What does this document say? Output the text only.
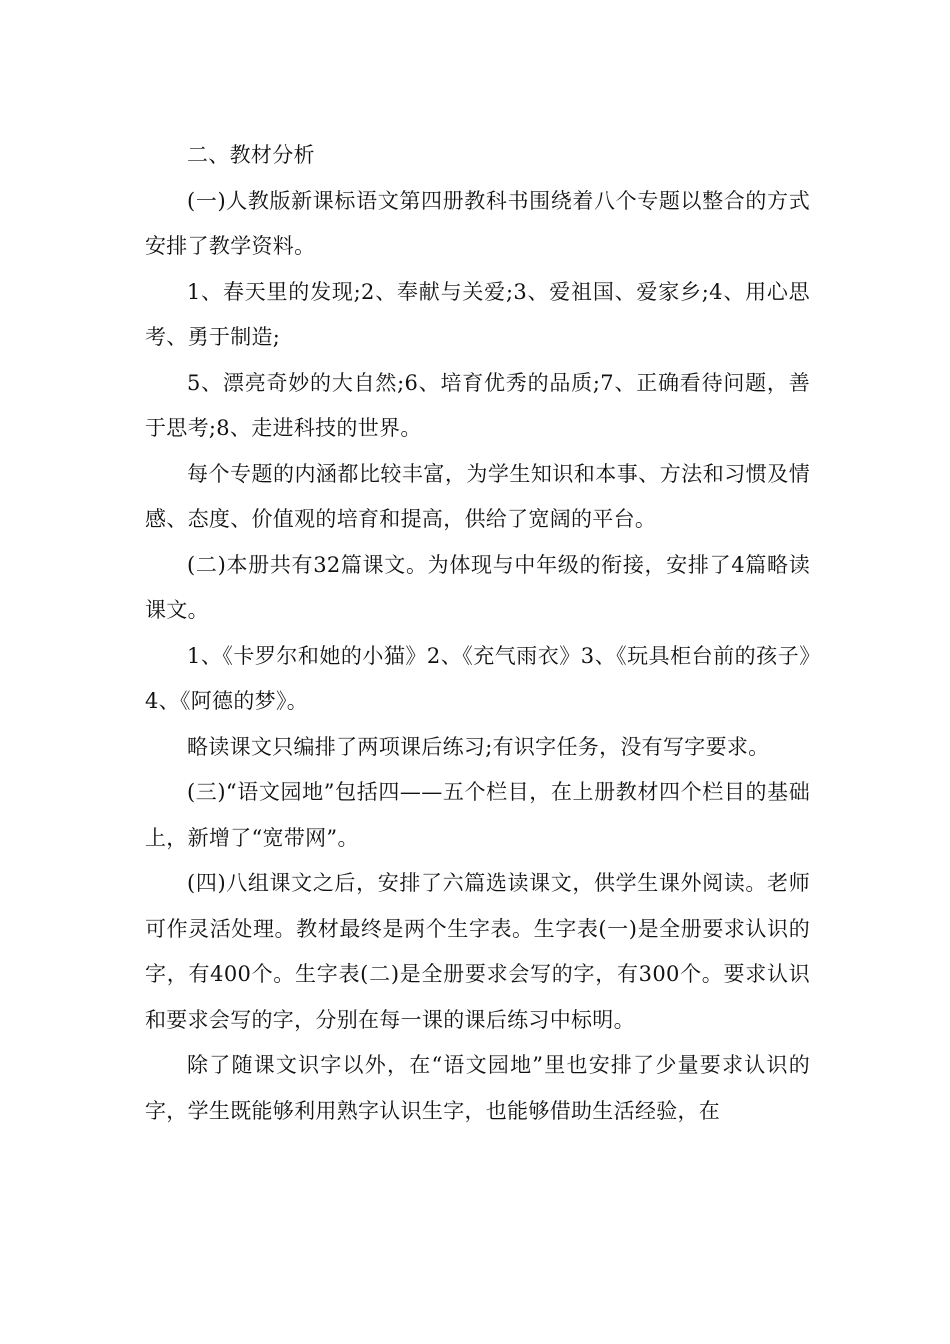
二、教材分析

(一)人教版新课标语文第四册教科书围绕着八个专题以整合的方式安排了教学资料。

1、春天里的发现;2、奉献与关爱;3、爱祖国、爱家乡;4、用心思考、勇于制造;

5、漂亮奇妙的大自然;6、培育优秀的品质;7、正确看待问题，善于思考;8、走进科技的世界。

每个专题的内涵都比较丰富，为学生知识和本事、方法和习惯及情感、态度、价值观的培育和提高，供给了宽阔的平台。

(二)本册共有32篇课文。为体现与中年级的衔接，安排了4篇略读课文。

1、《卡罗尔和她的小猫》2、《充气雨衣》3、《玩具柜台前的孩子》4、《阿德的梦》。

略读课文只编排了两项课后练习;有识字任务，没有写字要求。

(三)“语文园地”包括四——五个栏目，在上册教材四个栏目的基础上，新增了“宽带网”。

(四)八组课文之后，安排了六篇选读课文，供学生课外阅读。老师可作灵活处理。教材最终是两个生字表。生字表(一)是全册要求认识的字，有400个。生字表(二)是全册要求会写的字，有300个。要求认识和要求会写的字，分别在每一课的课后练习中标明。

除了随课文识字以外，在“语文园地”里也安排了少量要求认识的字，学生既能够利用熟字认识生字，也能够借助生活经验，在
